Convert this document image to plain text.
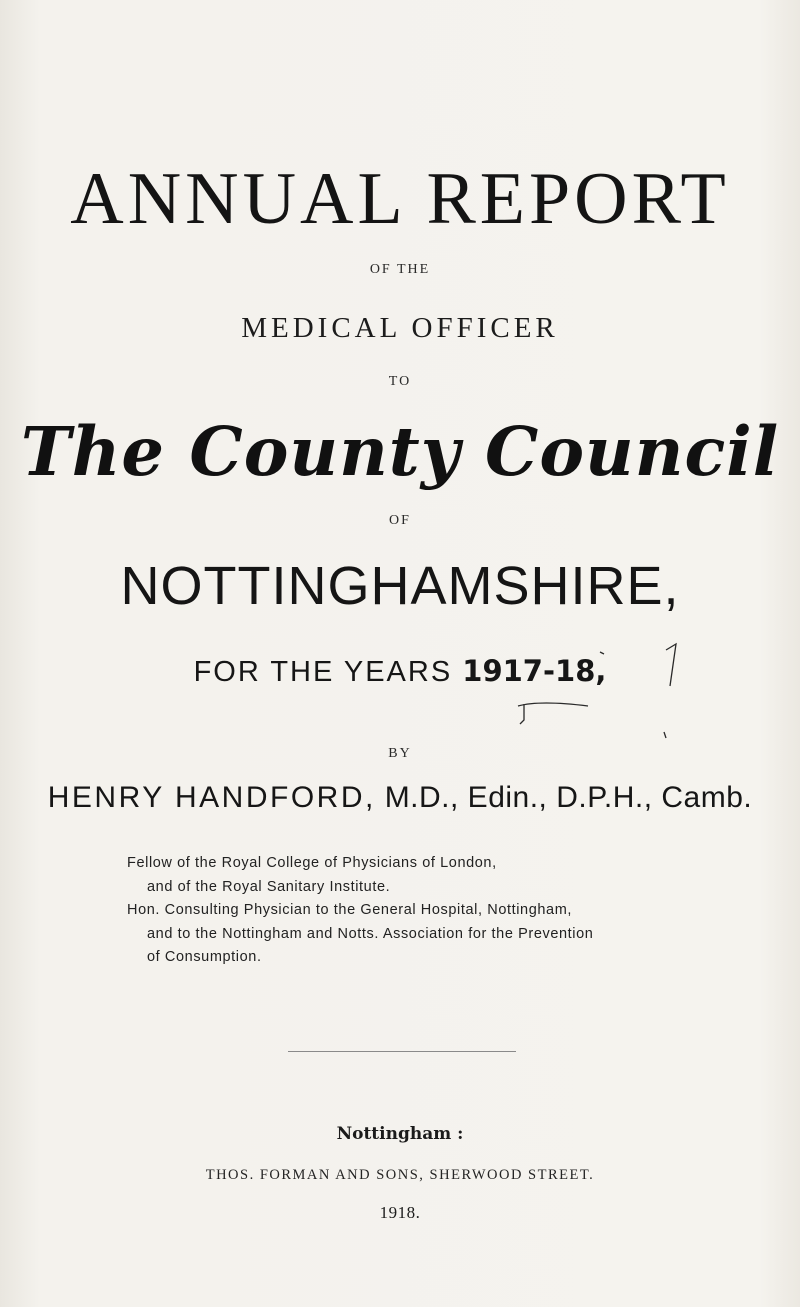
ANNUAL REPORT
OF THE
MEDICAL OFFICER
TO
The County Council
OF
NOTTINGHAMSHIRE,
FOR THE YEARS 1917-18,
BY
HENRY HANDFORD, M.D., Edin., D.P.H., Camb.
Fellow of the Royal College of Physicians of London,
and of the Royal Sanitary Institute.
Hon. Consulting Physician to the General Hospital, Nottingham,
and to the Nottingham and Notts. Association for the Prevention
of Consumption.
Nottingham :
THOS. FORMAN AND SONS, SHERWOOD STREET.
1918.
